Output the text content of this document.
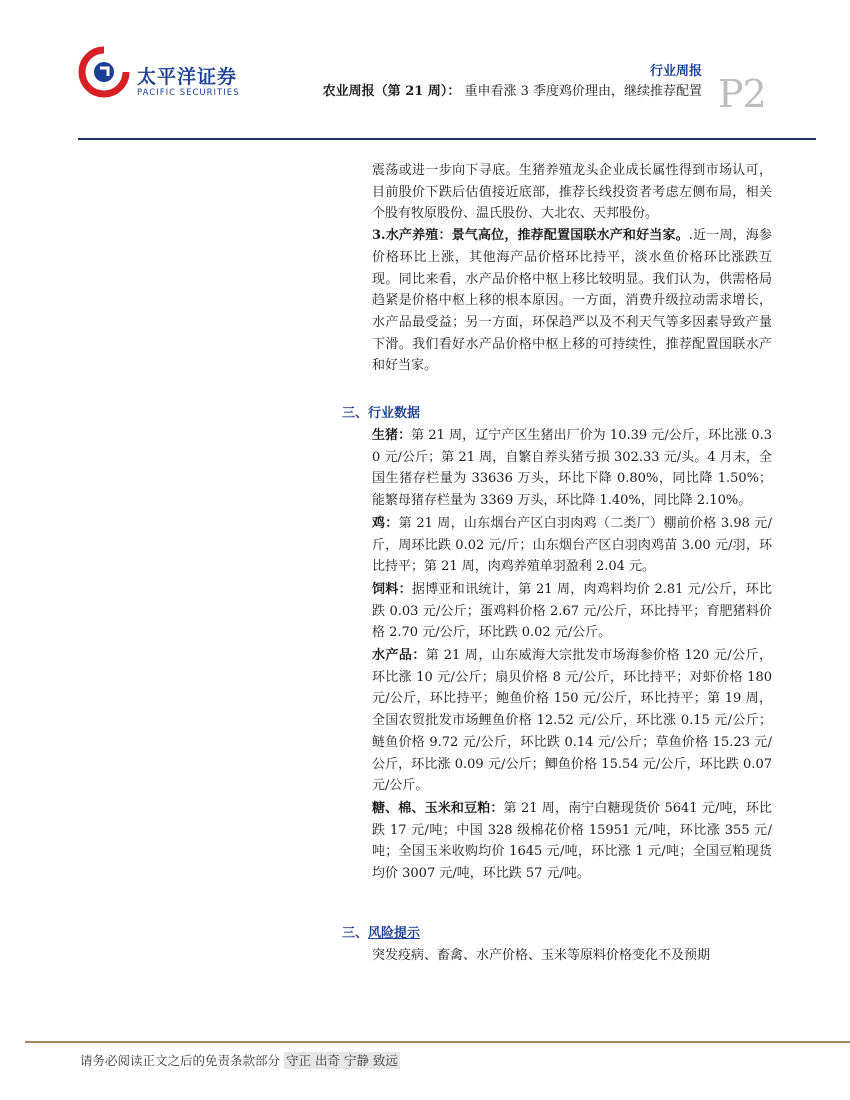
太平洋证券
PACIFIC SECURITIES
行业周报
农业周报（第 21 周）： 重申看涨 3 季度鸡价理由，继续推荐配置 P2

震荡或进一步向下寻底。生猪养殖龙头企业成长属性得到市场认可，目前股价下跌后估值接近底部，推荐长线投资者考虑左侧布局，相关个股有牧原股份、温氏股份、大北农、天邦股份。

3.水产养殖：景气高位，推荐配置国联水产和好当家。.近一周，海参价格环比上涨，其他海产品价格环比持平，淡水鱼价格环比涨跌互现。同比来看，水产品价格中枢上移比较明显。我们认为，供需格局趋紧是价格中枢上移的根本原因。一方面，消费升级拉动需求增长，水产品最受益；另一方面，环保趋严以及不利天气等多因素导致产量下滑。我们看好水产品价格中枢上移的可持续性，推荐配置国联水产和好当家。

三、行业数据

生猪：第 21 周，辽宁产区生猪出厂价为 10.39 元/公斤，环比涨 0.30 元/公斤；第 21 周，自繁自养头猪亏损 302.33 元/头。4 月末，全国生猪存栏量为 33636 万头，环比下降 0.80%，同比降 1.50%；能繁母猪存栏量为 3369 万头，环比降 1.40%，同比降 2.10%。

鸡：第 21 周，山东烟台产区白羽肉鸡（二类厂）棚前价格 3.98 元/斤，周环比跌 0.02 元/斤；山东烟台产区白羽肉鸡苗 3.00 元/羽，环比持平；第 21 周，肉鸡养殖单羽盈利 2.04 元。

饲料：据博亚和讯统计，第 21 周，肉鸡料均价 2.81 元/公斤，环比跌 0.03 元/公斤；蛋鸡料价格 2.67 元/公斤，环比持平；育肥猪料价格 2.70 元/公斤，环比跌 0.02 元/公斤。

水产品：第 21 周，山东威海大宗批发市场海参价格 120 元/公斤，环比涨 10 元/公斤；扇贝价格 8 元/公斤，环比持平；对虾价格 180 元/公斤，环比持平；鲍鱼价格 150 元/公斤，环比持平；第 19 周，全国农贸批发市场鲤鱼价格 12.52 元/公斤，环比涨 0.15 元/公斤；鲢鱼价格 9.72 元/公斤，环比跌 0.14 元/公斤；草鱼价格 15.23 元/公斤，环比涨 0.09 元/公斤；鲫鱼价格 15.54 元/公斤，环比跌 0.07 元/公斤。

糖、棉、玉米和豆粕：第 21 周，南宁白糖现货价 5641 元/吨，环比跌 17 元/吨；中国 328 级棉花价格 15951 元/吨，环比涨 355 元/吨；全国玉米收购均价 1645 元/吨，环比涨 1 元/吨；全国豆粕现货均价 3007 元/吨，环比跌 57 元/吨。

三、风险提示
突发疫病、畜禽、水产价格、玉米等原料价格变化不及预期
请务必阅读正文之后的免责条款部分 守正 出奇 宁静 致远
